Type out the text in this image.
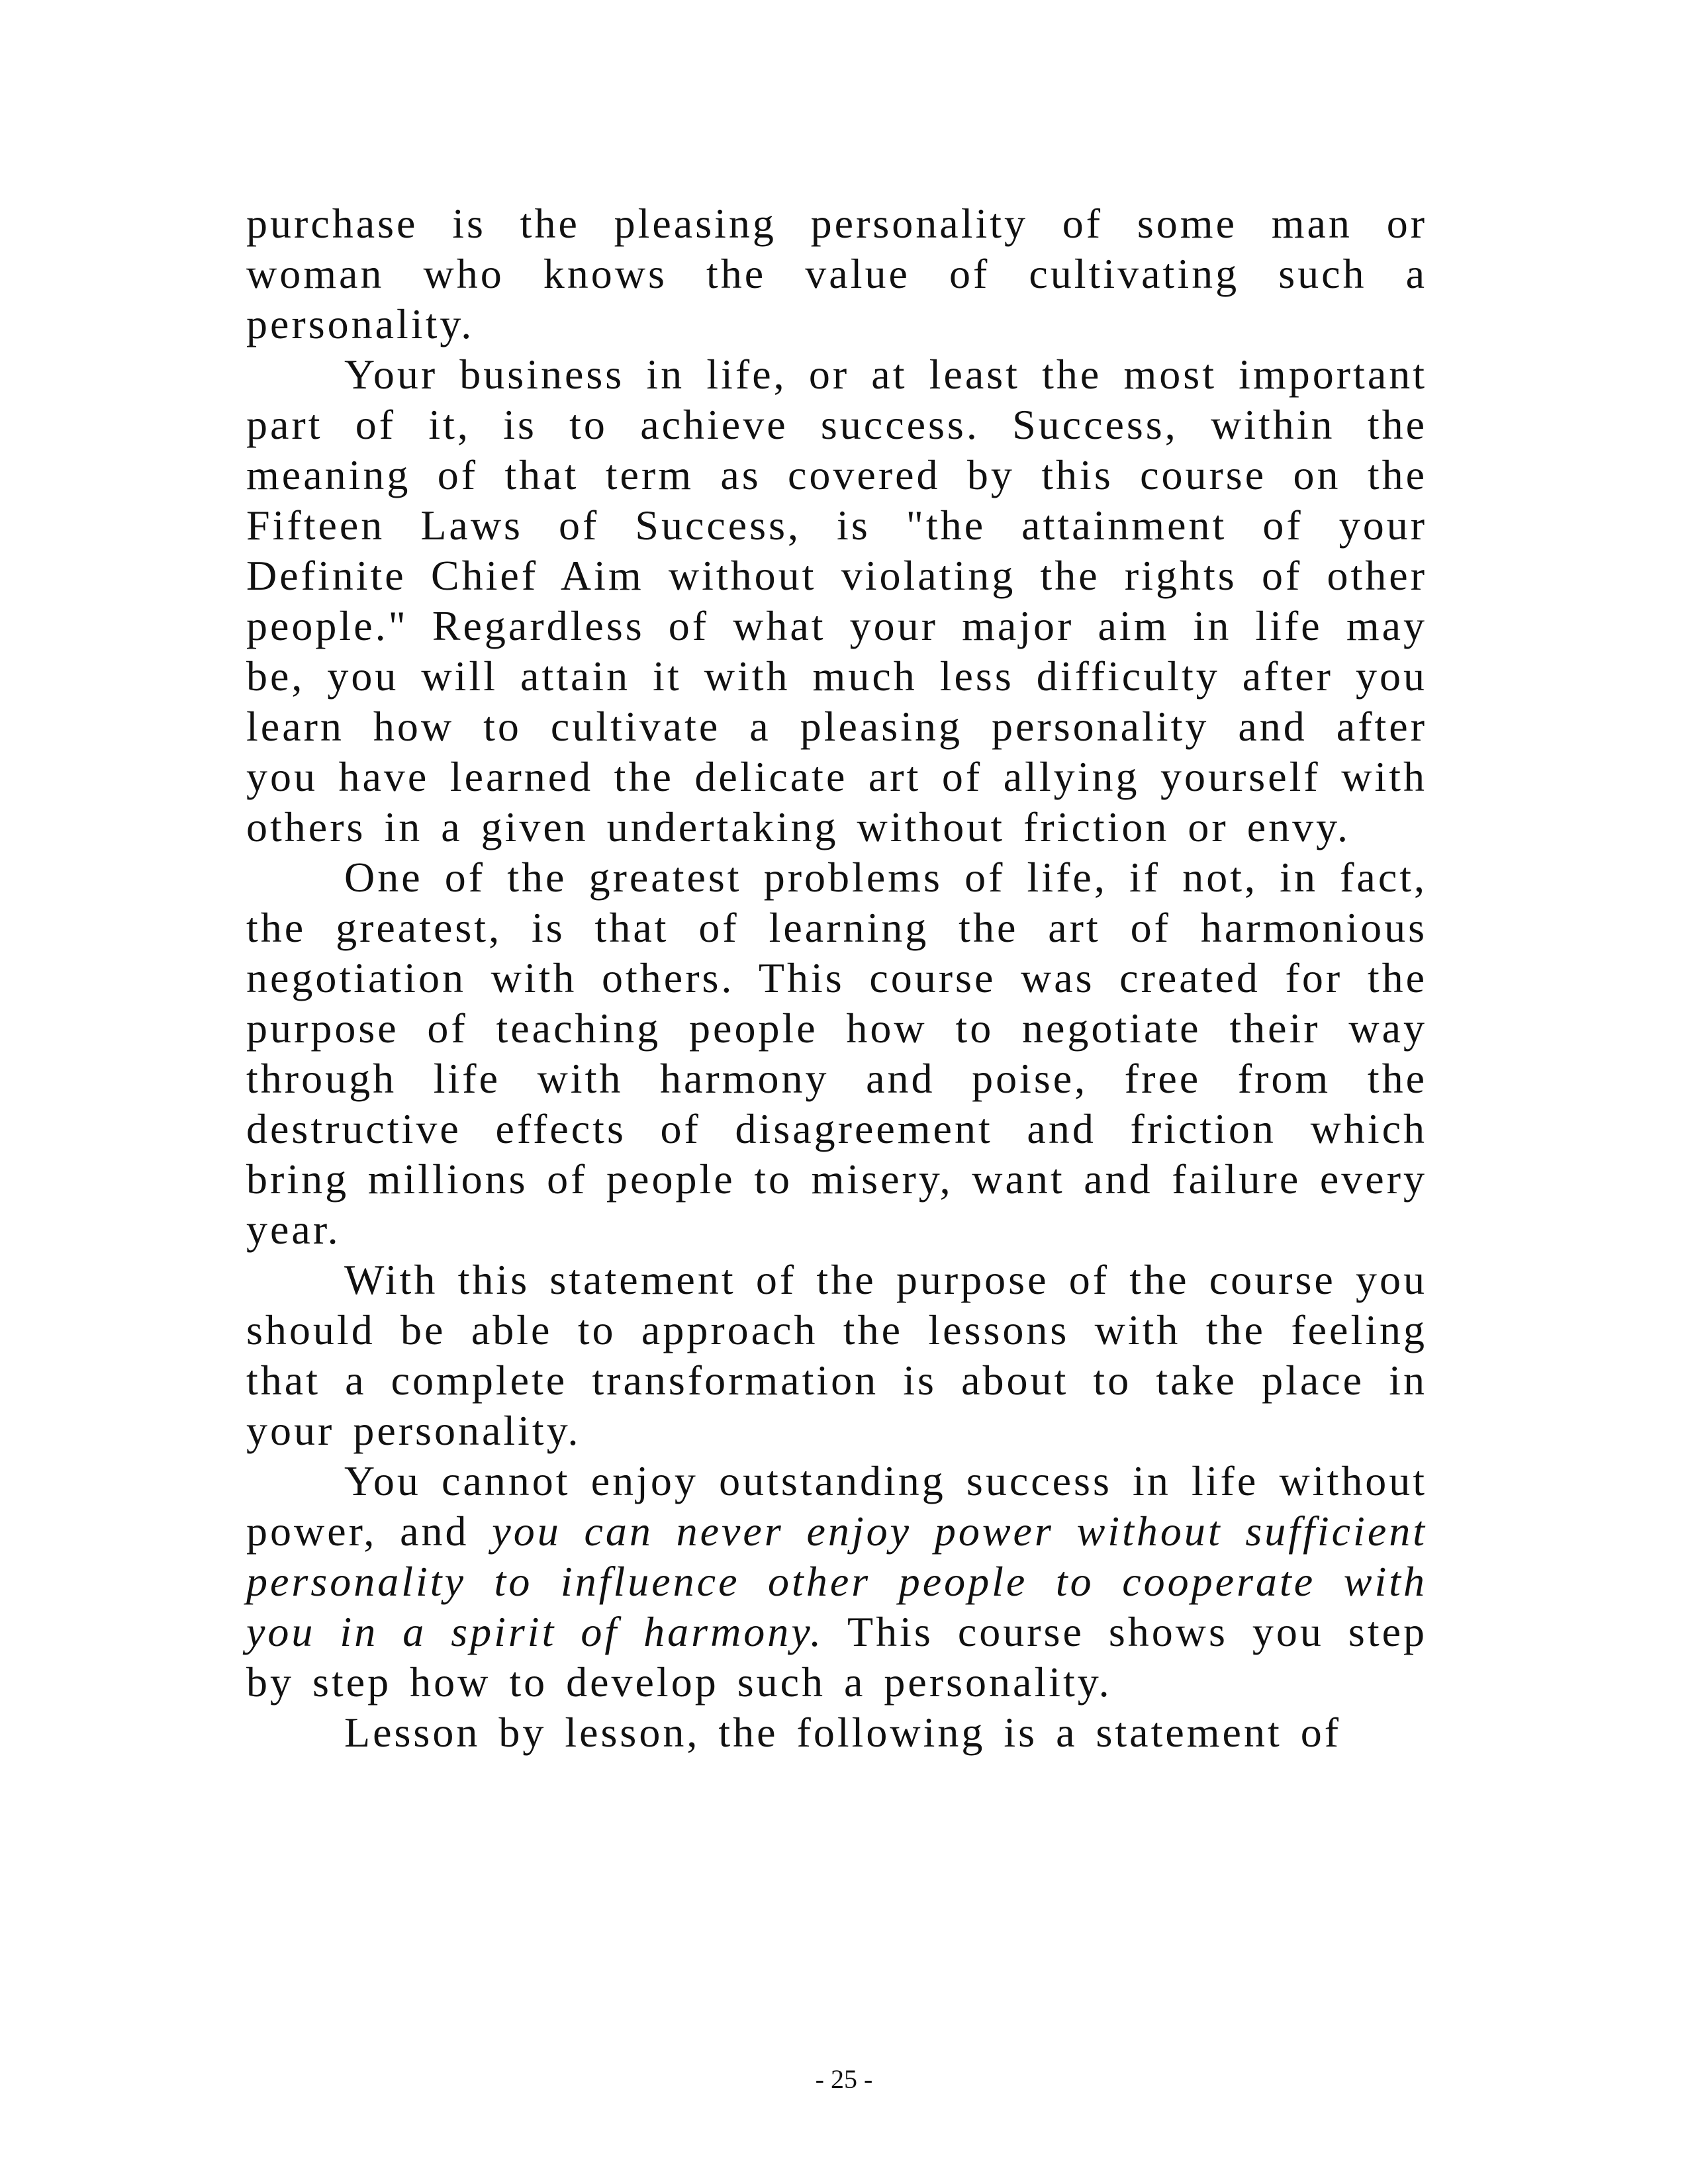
purchase is the pleasing personality of some man or woman who knows the value of cultivating such a personality.

Your business in life, or at least the most important part of it, is to achieve success. Success, within the meaning of that term as covered by this course on the Fifteen Laws of Success, is "the attainment of your Definite Chief Aim without violating the rights of other people." Regardless of what your major aim in life may be, you will attain it with much less difficulty after you learn how to cultivate a pleasing personality and after you have learned the delicate art of allying yourself with others in a given undertaking without friction or envy.

One of the greatest problems of life, if not, in fact, the greatest, is that of learning the art of harmonious negotiation with others. This course was created for the purpose of teaching people how to negotiate their way through life with harmony and poise, free from the destructive effects of disagreement and friction which bring millions of people to misery, want and failure every year.

With this statement of the purpose of the course you should be able to approach the lessons with the feeling that a complete transformation is about to take place in your personality.

You cannot enjoy outstanding success in life without power, and you can never enjoy power without sufficient personality to influence other people to cooperate with you in a spirit of harmony. This course shows you step by step how to develop such a personality.

Lesson by lesson, the following is a statement of

- 25 -
